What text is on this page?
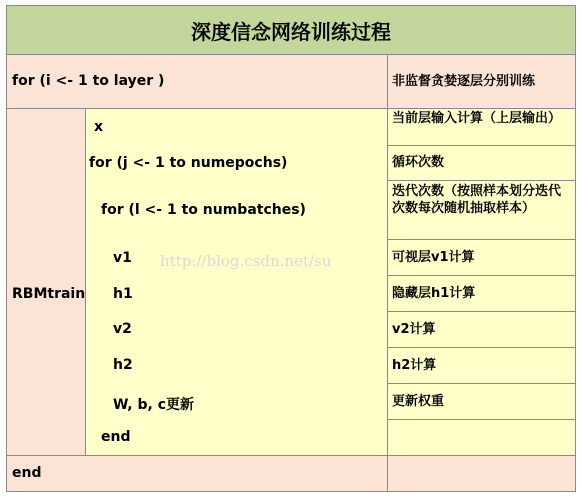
深度信念网络训练过程
for (i <- 1 to layer )	非监督贪婪逐层分别训练
RBMtrain
x
for (j <- 1 to numepochs)
for (l <- 1 to numbatches)
v1
h1
v2
h2
W, b, c更新
end
当前层输入计算（上层输出）
循环次数
迭代次数（按照样本划分迭代次数每次随机抽取样本）
可视层v1计算
隐藏层h1计算
v2计算
h2计算
更新权重
end
http://blog.csdn.net/su
